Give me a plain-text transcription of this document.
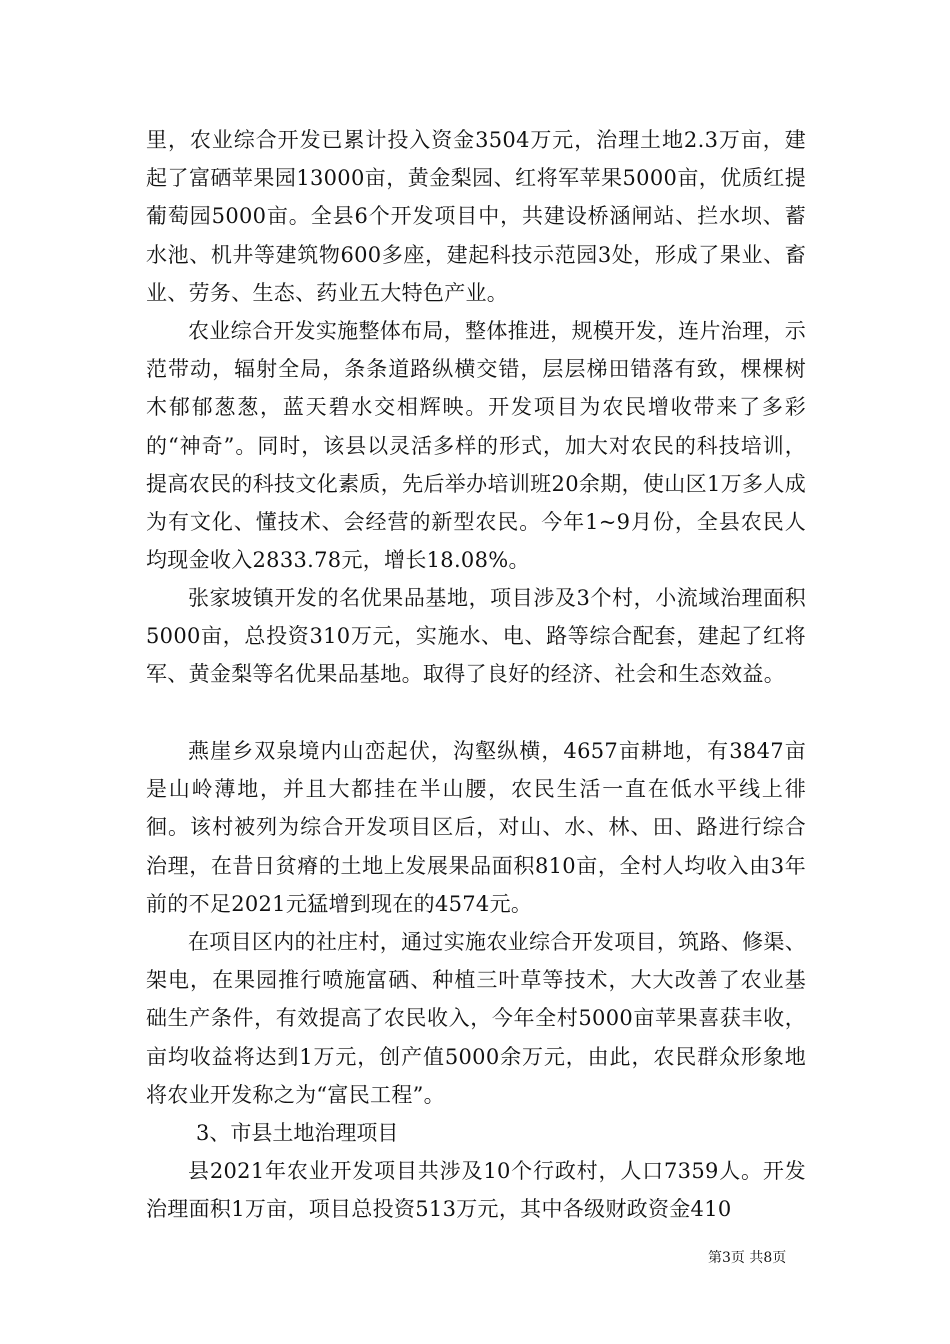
里，农业综合开发已累计投入资金3504万元，治理土地2.3万亩，建起了富硒苹果园13000亩，黄金梨园、红将军苹果5000亩，优质红提葡萄园5000亩。全县6个开发项目中，共建设桥涵闸站、拦水坝、蓄水池、机井等建筑物600多座，建起科技示范园3处，形成了果业、畜业、劳务、生态、药业五大特色产业。

农业综合开发实施整体布局，整体推进，规模开发，连片治理，示范带动，辐射全局，条条道路纵横交错，层层梯田错落有致，棵棵树木郁郁葱葱，蓝天碧水交相辉映。开发项目为农民增收带来了多彩的“神奇”。同时，该县以灵活多样的形式，加大对农民的科技培训，提高农民的科技文化素质，先后举办培训班20余期，使山区1万多人成为有文化、懂技术、会经营的新型农民。今年1~9月份，全县农民人均现金收入2833.78元，增长18.08%。

张家坡镇开发的名优果品基地，项目涉及3个村，小流域治理面积5000亩，总投资310万元，实施水、电、路等综合配套，建起了红将军、黄金梨等名优果品基地。取得了良好的经济、社会和生态效益。

燕崖乡双泉境内山峦起伏，沟壑纵横，4657亩耕地，有3847亩是山岭薄地，并且大都挂在半山腰，农民生活一直在低水平线上徘徊。该村被列为综合开发项目区后，对山、水、林、田、路进行综合治理，在昔日贫瘠的土地上发展果品面积810亩，全村人均收入由3年前的不足2021元猛增到现在的4574元。

在项目区内的社庄村，通过实施农业综合开发项目，筑路、修渠、架电，在果园推行喷施富硒、种植三叶草等技术，大大改善了农业基础生产条件，有效提高了农民收入，今年全村5000亩苹果喜获丰收，亩均收益将达到1万元，创产值5000余万元，由此，农民群众形象地将农业开发称之为“富民工程”。

3、市县土地治理项目

县2021年农业开发项目共涉及10个行政村，人口7359人。开发治理面积1万亩，项目总投资513万元，其中各级财政资金410

第3页 共8页
